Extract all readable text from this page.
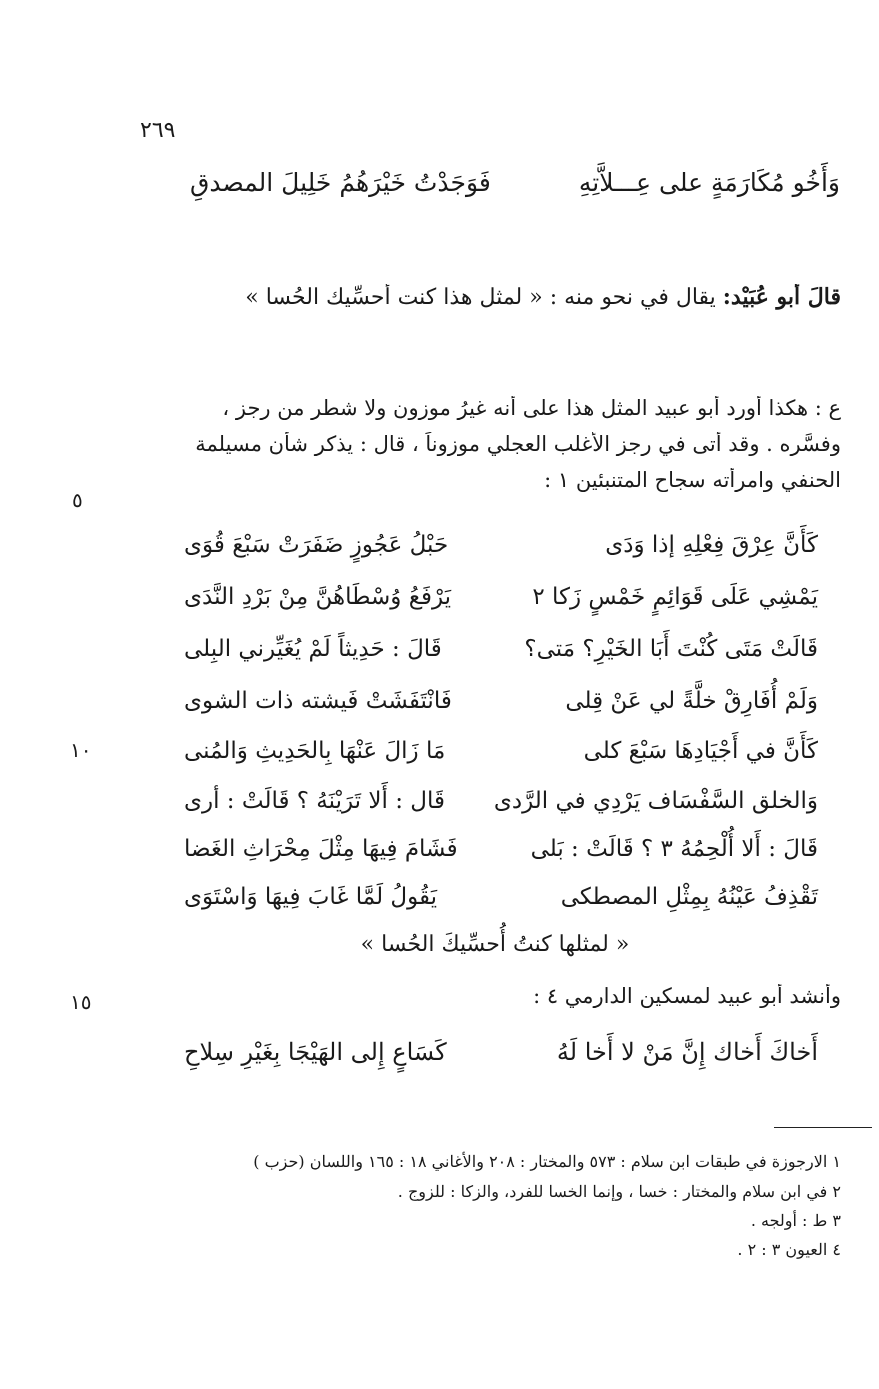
٢٦٩
وَأَخُو مُكَارَمَةٍ على عِـــلاَّتِهِ
فَوَجَدْتُ خَيْرَهُمُ خَلِيلَ المصدقِ
قالَ أبو عُبَيْد: يقال في نحو منه : « لمثل هذا كنت أُحسِّيك الحُسا »
ع : هكذا أورد أبو عبيد المثل هذا على أنه غيرُ موزون ولا شطر من رجز ،
وفسَّره . وقد أتى في رجز الأغلب العجلي موزوناً ، قال : يذكر شأن مسيلمة
الحنفي وامرأته سجاح المتنبئين ١ :
٥
١٠
١٥
كَأَنَّ عِرْقَ فِعْلِهِ إذا وَدَى
حَبْلُ عَجُوزٍ ضَفَرَتْ سَبْعَ قُوَى
يَمْشِي عَلَى قَوَائِمٍ خَمْسٍ زَكا ٢
يَرْفَعُ وُسْطَاهُنَّ مِنْ بَرْدِ النَّدَى
قَالَتْ مَتَى كُنْتَ أَبَا الخَيْرِ؟ مَتى؟
قَالَ : حَدِيثاً لَمْ يُغَيِّرني البِلى
وَلَمْ أُفَارِقْ خلَّةً لي عَنْ قِلى
فَانْتَفَشَتْ فَيشته ذات الشوى
كَأَنَّ في أَجْيَادِهَا سَبْعَ كلى
مَا زَالَ عَنْهَا بِالحَدِيثِ وَالمُنى
وَالخلق السَّفْسَاف يَرْدِي في الرَّدى
قَال : أَلا تَرَيْنَهُ ؟ قَالَتْ : أرى
قَالَ : أَلا أُلْحِمُهُ ٣ ؟ قَالَتْ : بَلى
فَشَامَ فِيهَا مِثْلَ مِحْرَاثِ الغَضا
تَقْذِفُ عَيْنُهُ بِمِثْلِ المصطكى
يَقُولُ لَمَّا غَابَ فِيهَا وَاسْتَوَى
« لمثلها كنتُ أُحسِّيكَ الحُسا »
وأنشد أبو عبيد لمسكين الدارمي ٤ :
أَخاكَ أَخاك إِنَّ مَنْ لا أَخا لَهُ
كَسَاعٍ إِلى الهَيْجَا بِغَيْرِ سِلاحِ
١ الارجوزة في طبقات ابن سلام : ٥٧٣ والمختار : ٢٠٨ والأغاني ١٨ : ١٦٥ واللسان (حزب )
٢ في ابن سلام والمختار : خسا ، وإنما الخسا للفرد، والزكا : للزوج .
٣ ط : أولجه .
٤ العيون ٣ : ٢ .
